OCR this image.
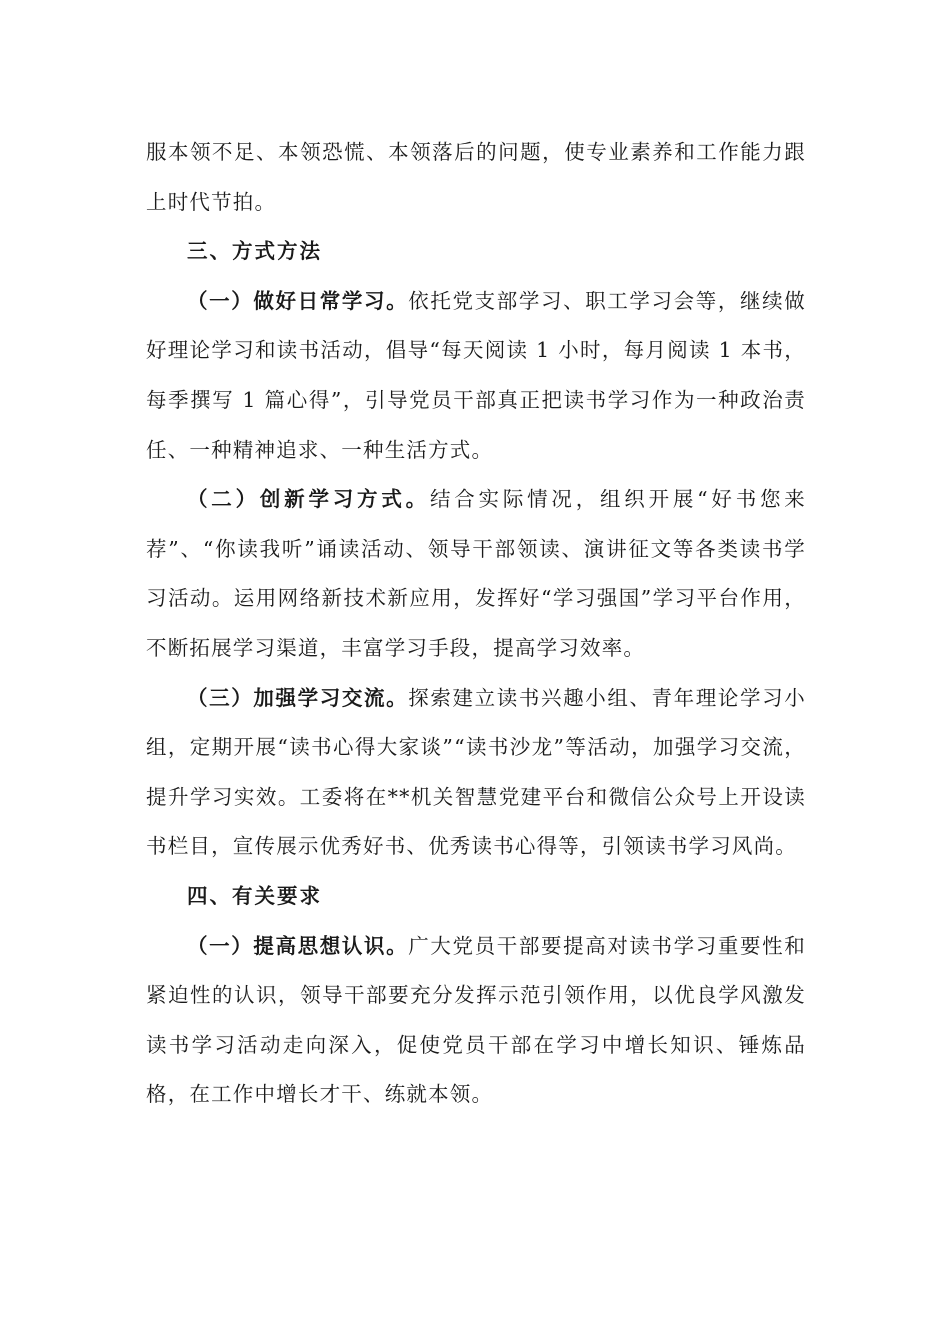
服本领不足、本领恐慌、本领落后的问题，使专业素养和工作能力跟上时代节拍。

三、方式方法

（一）做好日常学习。依托党支部学习、职工学习会等，继续做好理论学习和读书活动，倡导“每天阅读 1 小时，每月阅读 1 本书，每季撰写 1 篇心得”，引导党员干部真正把读书学习作为一种政治责任、一种精神追求、一种生活方式。

（二）创新学习方式。结合实际情况，组织开展“好书您来荐”、“你读我听”诵读活动、领导干部领读、演讲征文等各类读书学习活动。运用网络新技术新应用，发挥好“学习强国”学习平台作用，不断拓展学习渠道，丰富学习手段，提高学习效率。

（三）加强学习交流。探索建立读书兴趣小组、青年理论学习小组，定期开展“读书心得大家谈”“读书沙龙”等活动，加强学习交流，提升学习实效。工委将在**机关智慧党建平台和微信公众号上开设读书栏目，宣传展示优秀好书、优秀读书心得等，引领读书学习风尚。

四、有关要求

（一）提高思想认识。广大党员干部要提高对读书学习重要性和紧迫性的认识，领导干部要充分发挥示范引领作用，以优良学风激发读书学习活动走向深入，促使党员干部在学习中增长知识、锤炼品格，在工作中增长才干、练就本领。
